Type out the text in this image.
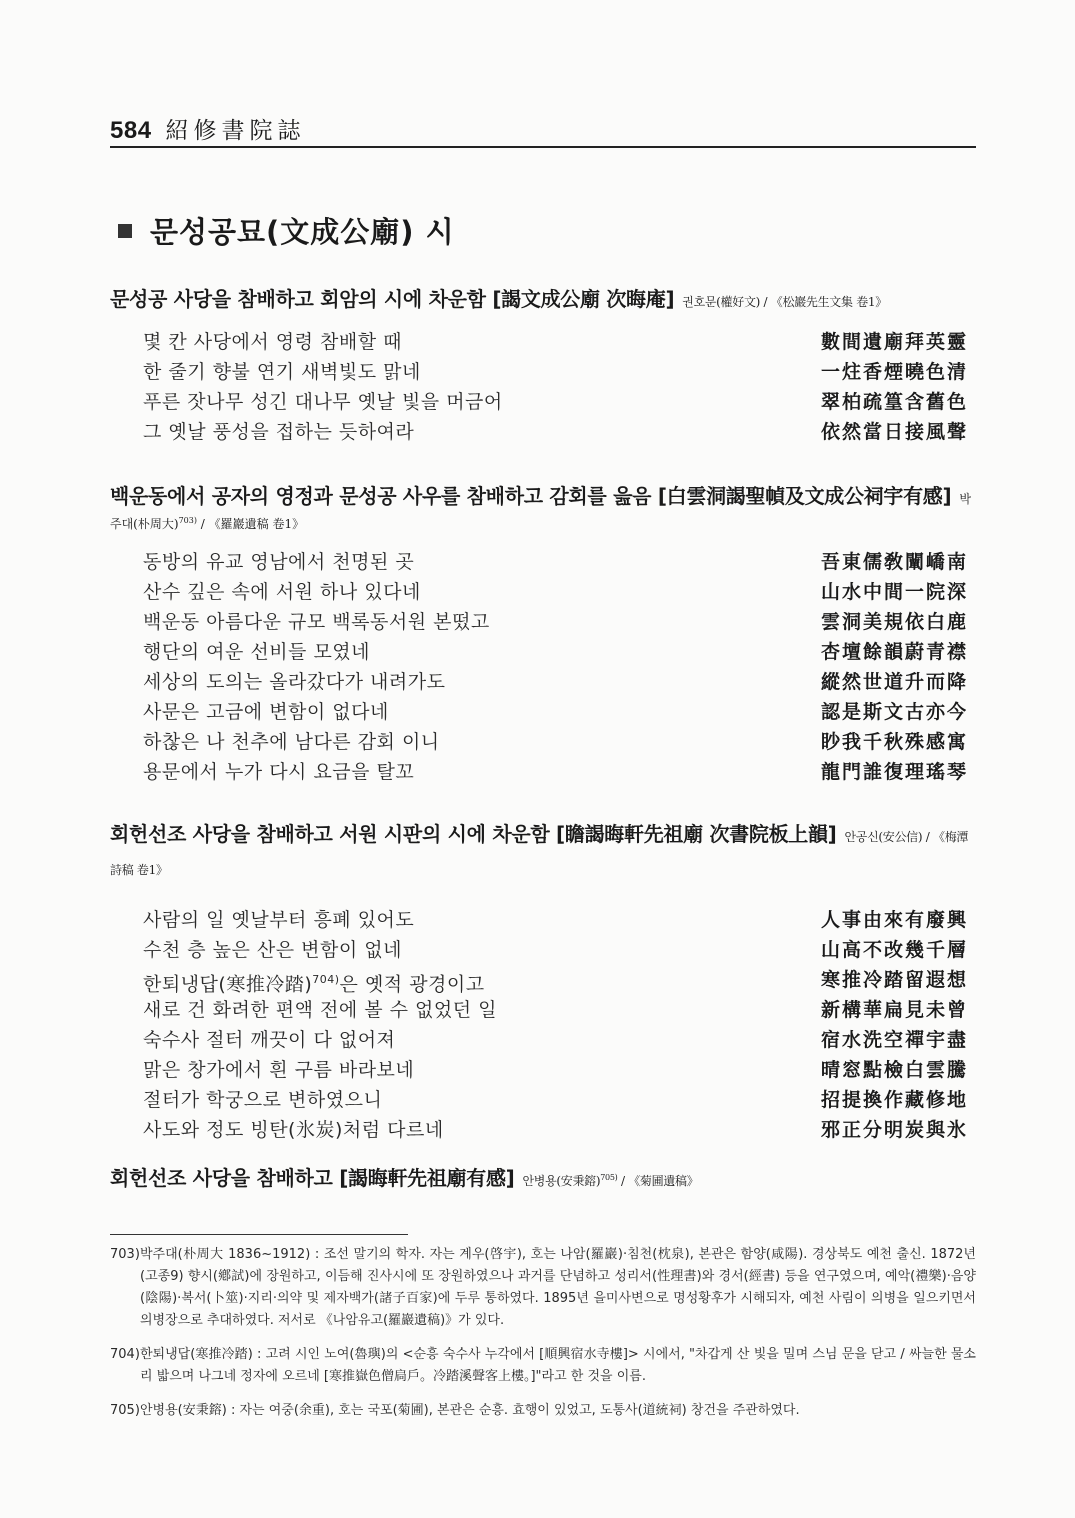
584 紹修書院誌
문성공묘(文成公廟) 시
문성공 사당을 참배하고 회암의 시에 차운함 [謁文成公廟 次晦庵] 권호문(權好文) / 《松巖先生文集 卷1》
몇 칸 사당에서 영령 참배할 때	數間遺廟拜英靈
한 줄기 향불 연기 새벽빛도 맑네	一炷香煙曉色清
푸른 잣나무 성긴 대나무 옛날 빛을 머금어	翠柏疏篁含舊色
그 옛날 풍성을 접하는 듯하여라	依然當日接風聲
백운동에서 공자의 영정과 문성공 사우를 참배하고 감회를 읊음 [白雲洞謁聖幀及文成公祠宇有感] 박
주대(朴周大)$^{703)}$ / 《羅巖遺稿 卷1》
동방의 유교 영남에서 천명된 곳	吾東儒敎闡嶠南
산수 깊은 속에 서원 하나 있다네	山水中間一院深
백운동 아름다운 규모 백록동서원 본떴고	雲洞美規依白鹿
행단의 여운 선비들 모였네	杏壇餘韻蔚青襟
세상의 도의는 올라갔다가 내려가도	縱然世道升而降
사문은 고금에 변함이 없다네	認是斯文古亦今
하찮은 나 천추에 남다른 감회 이니	眇我千秋殊感寓
용문에서 누가 다시 요금을 탈꼬	龍門誰復理瑤琴
회헌선조 사당을 참배하고 서원 시판의 시에 차운함 [瞻謁晦軒先祖廟 次書院板上韻] 안공신(安公信) / 《梅潭詩稿 卷1》
사람의 일 옛날부터 흥폐 있어도	人事由來有廢興
수천 층 높은 산은 변함이 없네	山高不改幾千層
한퇴냉답(寒推冷踏)$^{704)}$은 옛적 광경이고	寒推冷踏留遐想
새로 건 화려한 편액 전에 볼 수 없었던 일	新構華扁見未曾
숙수사 절터 깨끗이 다 없어져	宿水洗空禪宇盡
맑은 창가에서 흰 구름 바라보네	晴窓點檢白雲騰
절터가 학궁으로 변하였으니	招提換作藏修地
사도와 정도 빙탄(氷炭)처럼 다르네	邪正分明炭與氷
회헌선조 사당을 참배하고 [謁晦軒先祖廟有感] 안병용(安秉鎔)$^{705)}$ / 《菊圃遺稿》
703)박주대(朴周大 1836~1912) : 조선 말기의 학자. 자는 계우(啓宇), 호는 나암(羅巖)·침천(枕泉), 본관은 함양(咸陽). 경상북도 예천 출신. 1872년(고종9) 향시(鄕試)에 장원하고, 이듬해 진사시에 또 장원하였으나 과거를 단념하고 성리서(性理書)와 경서(經書) 등을 연구였으며, 예악(禮樂)·음양(陰陽)·복서(卜筮)·지리·의약 및 제자백가(諸子百家)에 두루 통하였다. 1895년 을미사변으로 명성황후가 시해되자, 예천 사림이 의병을 일으키면서 의병장으로 추대하였다. 저서로 《나암유고(羅巖遺稿)》가 있다.
704)한퇴냉답(寒推冷踏) : 고려 시인 노여(魯璵)의 <순흥 숙수사 누각에서 [順興宿水寺樓]> 시에서, "차갑게 산 빛을 밀며 스님 문을 닫고 / 싸늘한 물소리 밟으며 나그네 정자에 오르네 [寒推嶽色僧扃戶。冷踏溪聲客上樓。]"라고 한 것을 이름.
705)안병용(安秉鎔) : 자는 여중(余重), 호는 국포(菊圃), 본관은 순흥. 효행이 있었고, 도통사(道統祠) 창건을 주관하였다.
